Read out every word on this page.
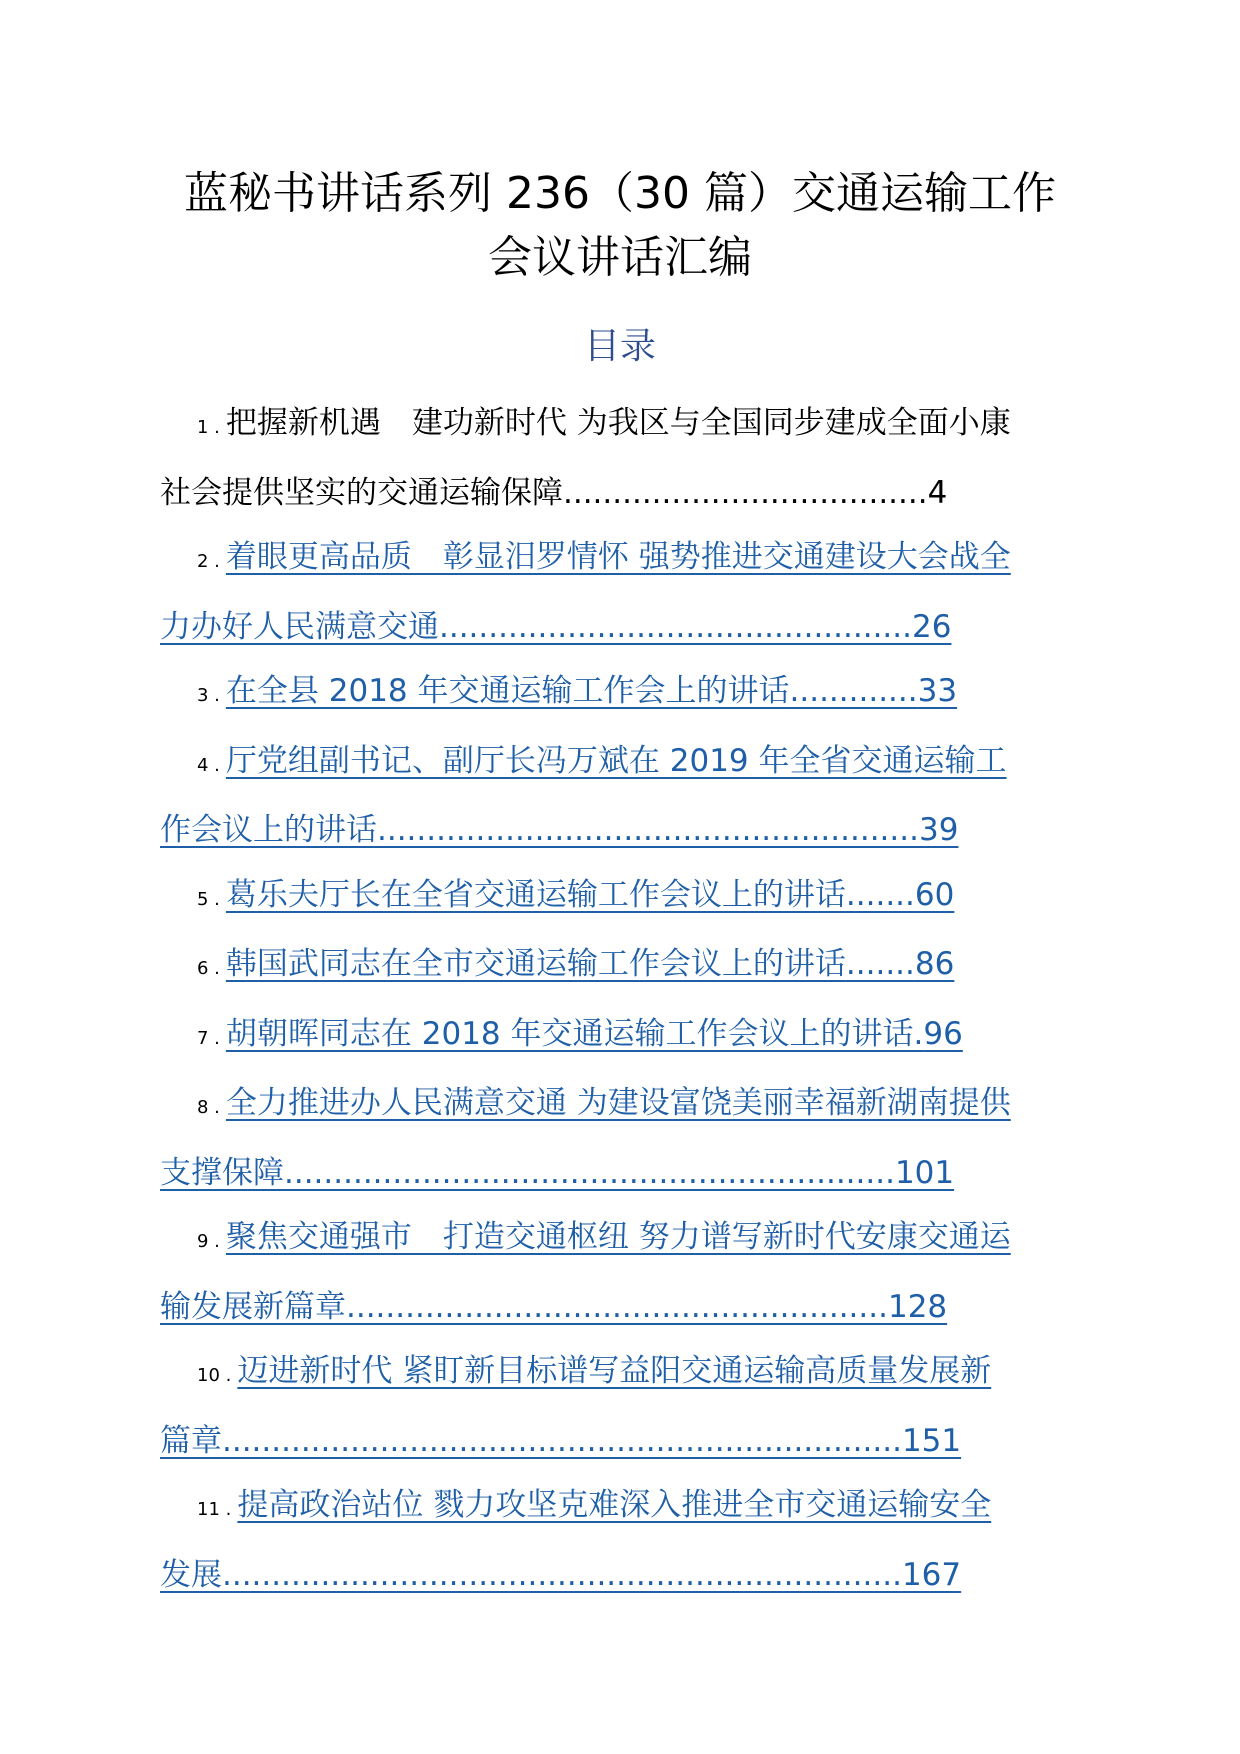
蓝秘书讲话系列 236（30 篇）交通运输工作
会议讲话汇编
目录

1 . 把握新机遇　建功新时代 为我区与全国同步建成全面小康
社会提供坚实的交通运输保障.....................................4

2 . 着眼更高品质　彰显汨罗情怀 强势推进交通建设大会战全
力办好人民满意交通................................................26

3 . 在全县 2018 年交通运输工作会上的讲话.............33

4 . 厅党组副书记、副厅长冯万斌在 2019 年全省交通运输工
作会议上的讲话.......................................................39

5 . 葛乐夫厅长在全省交通运输工作会议上的讲话.......60

6 . 韩国武同志在全市交通运输工作会议上的讲话.......86

7 . 胡朝晖同志在 2018 年交通运输工作会议上的讲话.96

8 . 全力推进办人民满意交通 为建设富饶美丽幸福新湖南提供
支撑保障..............................................................101

9 . 聚焦交通强市　打造交通枢纽 努力谱写新时代安康交通运
输发展新篇章.......................................................128

10 . 迈进新时代 紧盯新目标谱写益阳交通运输高质量发展新
篇章.....................................................................151

11 . 提高政治站位 戮力攻坚克难深入推进全市交通运输安全
发展.....................................................................167
